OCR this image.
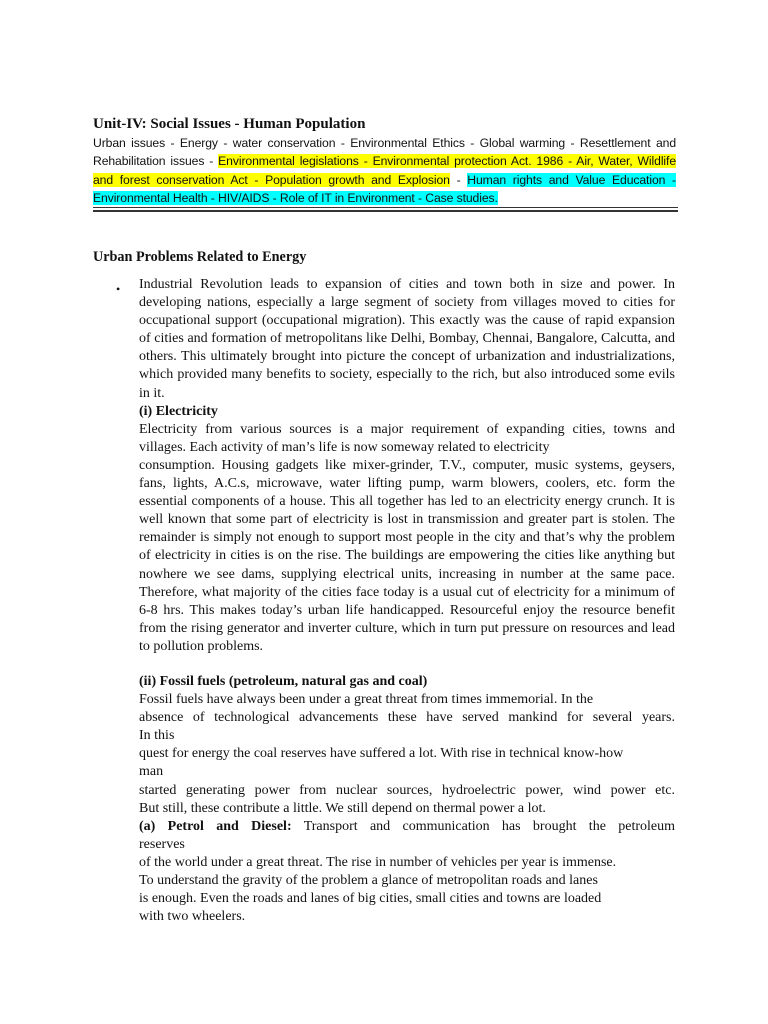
Unit-IV: Social Issues - Human Population

Urban issues - Energy - water conservation - Environmental Ethics - Global warming - Resettlement and Rehabilitation issues - Environmental legislations - Environmental protection Act. 1986 - Air, Water, Wildlife and forest conservation Act - Population growth and Explosion - Human rights and Value Education - Environmental Health - HIV/AIDS - Role of IT in Environment - Case studies.

Urban Problems Related to Energy
• Industrial Revolution leads to expansion of cities and town both in size and power. In developing nations, especially a large segment of society from villages moved to cities for occupational support (occupational migration). This exactly was the cause of rapid expansion of cities and formation of metropolitans like Delhi, Bombay, Chennai, Bangalore, Calcutta, and others. This ultimately brought into picture the concept of urbanization and industrializations, which provided many benefits to society, especially to the rich, but also introduced some evils in it.

(i) Electricity

Electricity from various sources is a major requirement of expanding cities, towns and
villages. Each activity of man’s life is now someway related to electricity

consumption. Housing gadgets like mixer-grinder, T.V., computer, music systems, geysers, fans, lights, A.C.s, microwave, water lifting pump, warm blowers, coolers, etc. form the essential components of a house. This all together has led to an electricity energy crunch. It is well known that some part of electricity is lost in transmission and greater part is stolen. The remainder is simply not enough to support most people in the city and that’s why the problem of electricity in cities is on the rise. The buildings are empowering the cities like anything but nowhere we see dams, supplying electrical units, increasing in number at the same pace. Therefore, what majority of the cities face today is a usual cut of electricity for a minimum of 6-8 hrs. This makes today’s urban life handicapped. Resourceful enjoy the resource benefit from the rising generator and inverter culture, which in turn put pressure on resources and lead to pollution problems.

(ii) Fossil fuels (petroleum, natural gas and coal)

Fossil fuels have always been under a great threat from times immemorial. In the
absence of technological advancements these have served mankind for several years.
In this
quest for energy the coal reserves have suffered a lot. With rise in technical know-how
man
started generating power from nuclear sources, hydroelectric power, wind power etc.
But still, these contribute a little. We still depend on thermal power a lot.
(a) Petrol and Diesel: Transport and communication has brought the petroleum
reserves
of the world under a great threat. The rise in number of vehicles per year is immense.
To understand the gravity of the problem a glance of metropolitan roads and lanes
is enough. Even the roads and lanes of big cities, small cities and towns are loaded
with two wheelers.
